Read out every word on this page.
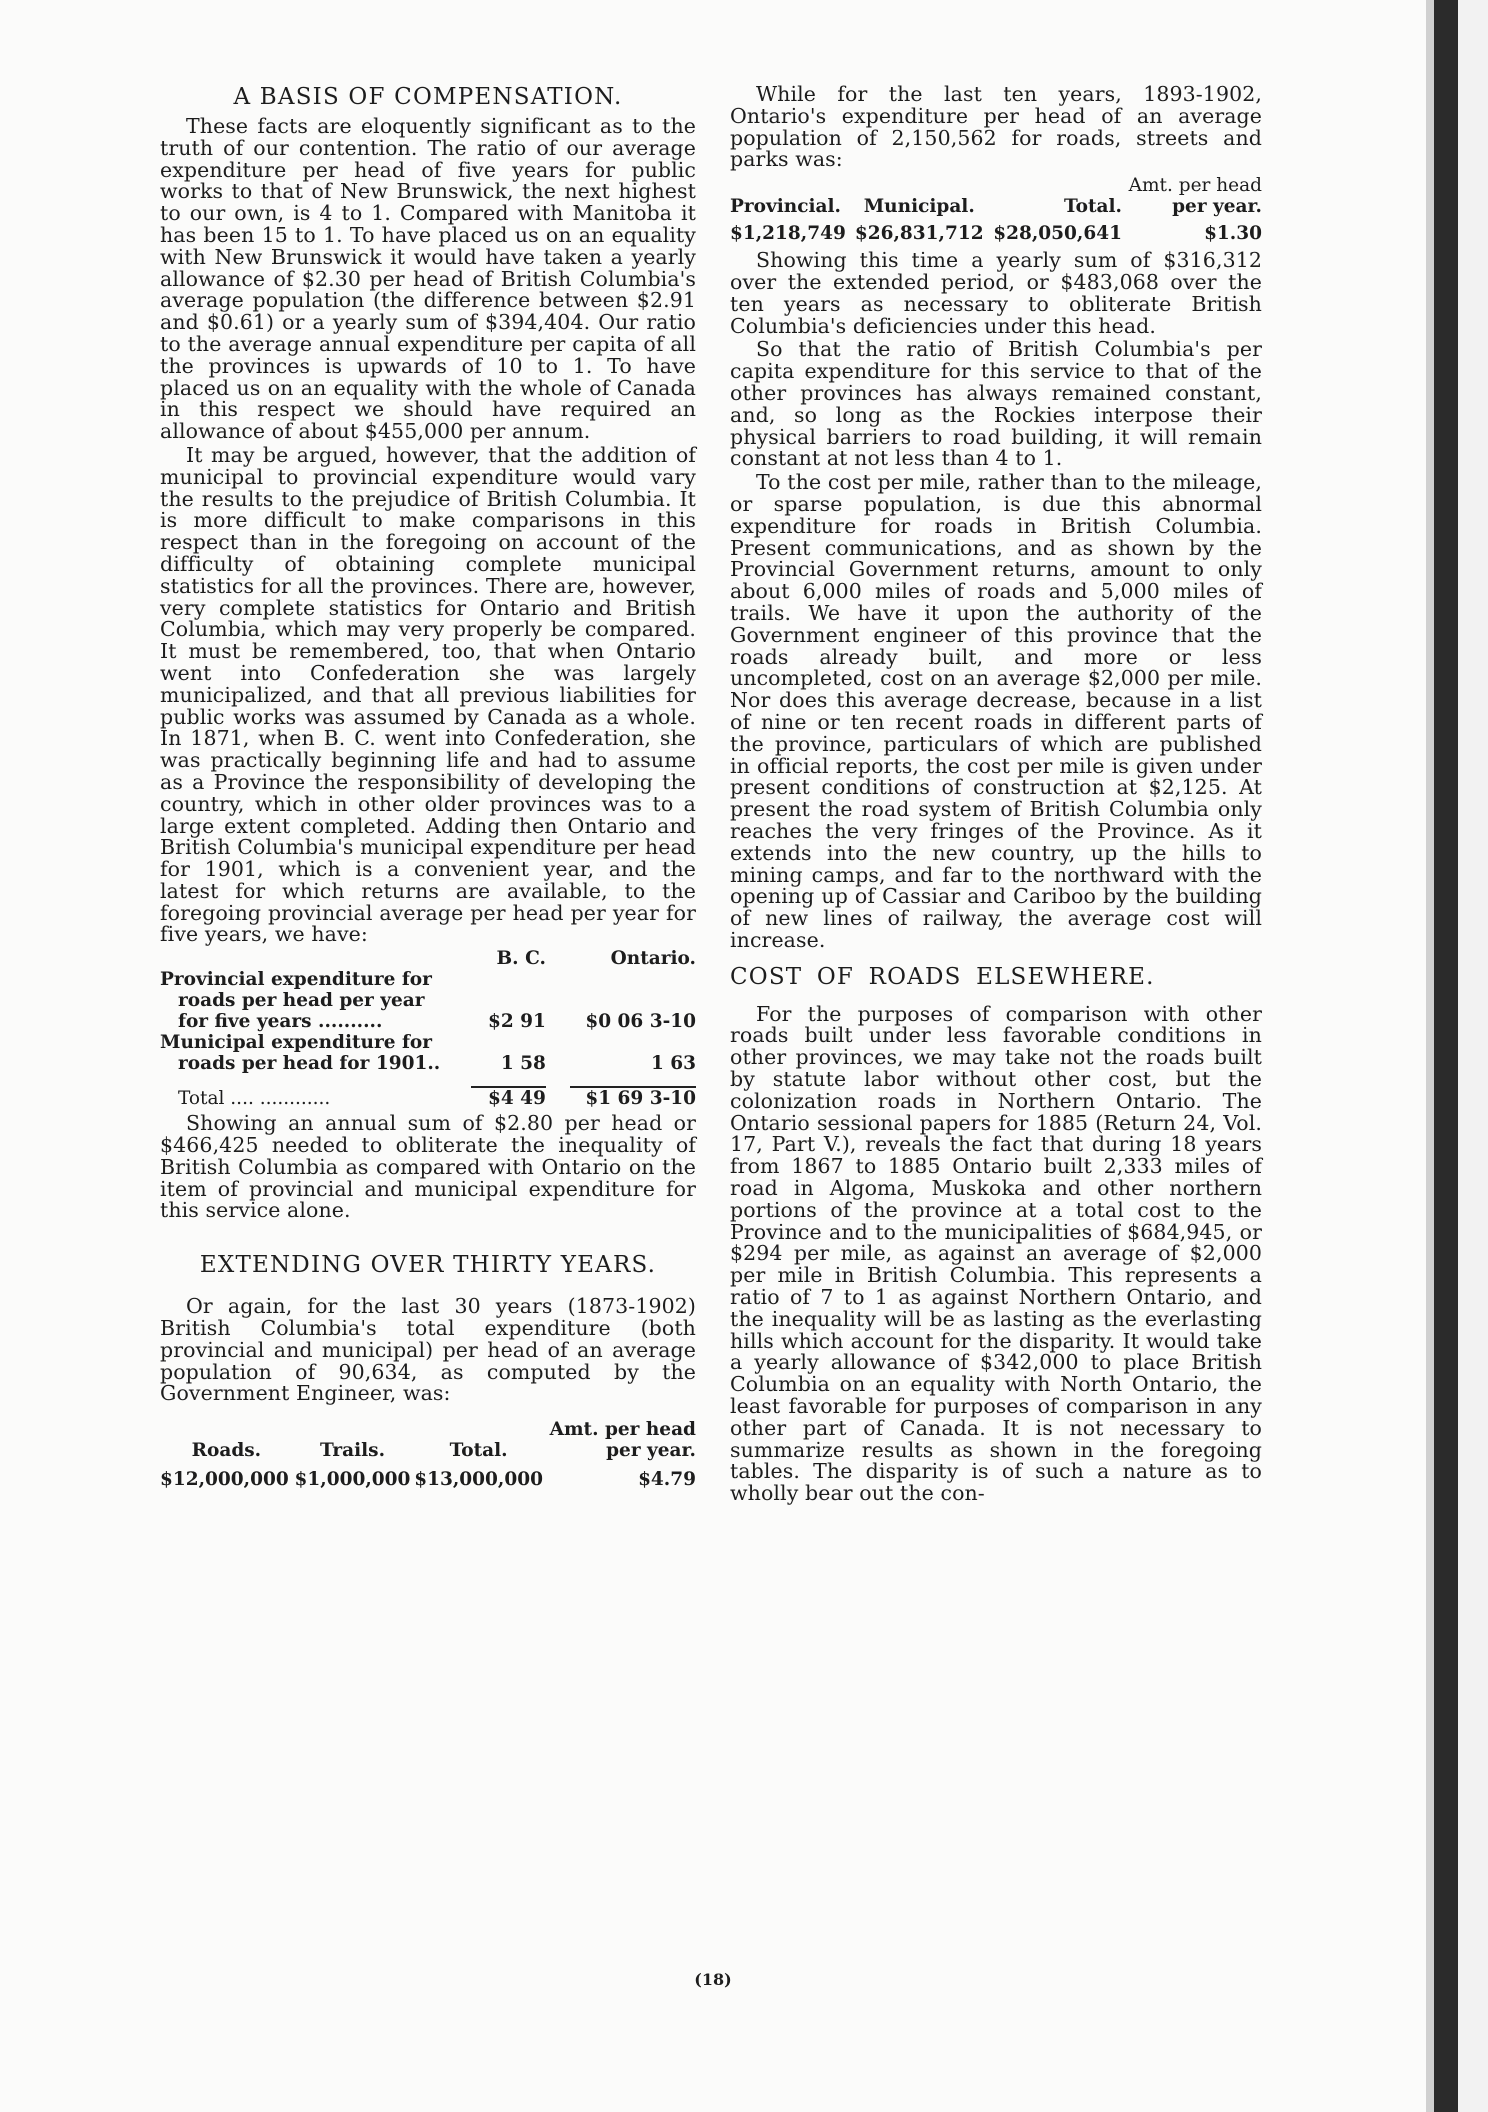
A BASIS OF COMPENSATION.

These facts are eloquently significant as to the truth of our contention. The ratio of our average expenditure per head of five years for public works to that of New Brunswick, the next highest to our own, is 4 to 1. Compared with Manitoba it has been 15 to 1. To have placed us on an equality with New Brunswick it would have taken a yearly allowance of $2.30 per head of British Columbia's average population (the difference between $2.91 and $0.61) or a yearly sum of $394,404. Our ratio to the average annual expenditure per capita of all the provinces is upwards of 10 to 1. To have placed us on an equality with the whole of Canada in this respect we should have required an allowance of about $455,000 per annum.

It may be argued, however, that the addition of municipal to provincial expenditure would vary the results to the prejudice of British Columbia. It is more difficult to make comparisons in this respect than in the foregoing on account of the difficulty of obtaining complete municipal statistics for all the provinces. There are, however, very complete statistics for Ontario and British Columbia, which may very properly be compared. It must be remembered, too, that when Ontario went into Confederation she was largely municipalized, and that all previous liabilities for public works was assumed by Canada as a whole. In 1871, when B. C. went into Confederation, she was practically beginning life and had to assume as a Province the responsibility of developing the country, which in other older provinces was to a large extent completed. Adding then Ontario and British Columbia's municipal expenditure per head for 1901, which is a convenient year, and the latest for which returns are available, to the foregoing provincial average per head per year for five years, we have:

	B. C.	Ontario.
Provincial expenditure for		
roads per head per year		
for five years ..........	$2 91	$0 06 3-10
Municipal expenditure for		
roads per head for 1901..	1 58	1 63
Total .... ............	$4 49	$1 69 3-10

Showing an annual sum of $2.80 per head or $466,425 needed to obliterate the inequality of British Columbia as compared with Ontario on the item of provincial and municipal expenditure for this service alone.

EXTENDING OVER THIRTY YEARS.

Or again, for the last 30 years (1873-1902) British Columbia's total expenditure (both provincial and municipal) per head of an average population of 90,634, as computed by the Government Engineer, was:

			Amt. per head
Roads.	Trails.	Total.	per year.
$12,000,000	$1,000,000	$13,000,000	$4.79

While for the last ten years, 1893-1902, Ontario's expenditure per head of an average population of 2,150,562 for roads, streets and parks was:

			Amt. per head
Provincial.	Municipal.	Total.	per year.
$1,218,749	$26,831,712	$28,050,641	$1.30

Showing this time a yearly sum of $316,312 over the extended period, or $483,068 over the ten years as necessary to obliterate British Columbia's deficiencies under this head.

So that the ratio of British Columbia's per capita expenditure for this service to that of the other provinces has always remained constant, and, so long as the Rockies interpose their physical barriers to road building, it will remain constant at not less than 4 to 1.

To the cost per mile, rather than to the mileage, or sparse population, is due this abnormal expenditure for roads in British Columbia. Present communications, and as shown by the Provincial Government returns, amount to only about 6,000 miles of roads and 5,000 miles of trails. We have it upon the authority of the Government engineer of this province that the roads already built, and more or less uncompleted, cost on an average $2,000 per mile. Nor does this average decrease, because in a list of nine or ten recent roads in different parts of the province, particulars of which are published in official reports, the cost per mile is given under present conditions of construction at $2,125. At present the road system of British Columbia only reaches the very fringes of the Province. As it extends into the new country, up the hills to mining camps, and far to the northward with the opening up of Cassiar and Cariboo by the building of new lines of railway, the average cost will increase.

COST OF ROADS ELSEWHERE.

For the purposes of comparison with other roads built under less favorable conditions in other provinces, we may take not the roads built by statute labor without other cost, but the colonization roads in Northern Ontario. The Ontario sessional papers for 1885 (Return 24, Vol. 17, Part V.), reveals the fact that during 18 years from 1867 to 1885 Ontario built 2,333 miles of road in Algoma, Muskoka and other northern portions of the province at a total cost to the Province and to the municipalities of $684,945, or $294 per mile, as against an average of $2,000 per mile in British Columbia. This represents a ratio of 7 to 1 as against Northern Ontario, and the inequality will be as lasting as the everlasting hills which account for the disparity. It would take a yearly allowance of $342,000 to place British Columbia on an equality with North Ontario, the least favorable for purposes of comparison in any other part of Canada. It is not necessary to summarize results as shown in the foregoing tables. The disparity is of such a nature as to wholly bear out the con-

(18)
